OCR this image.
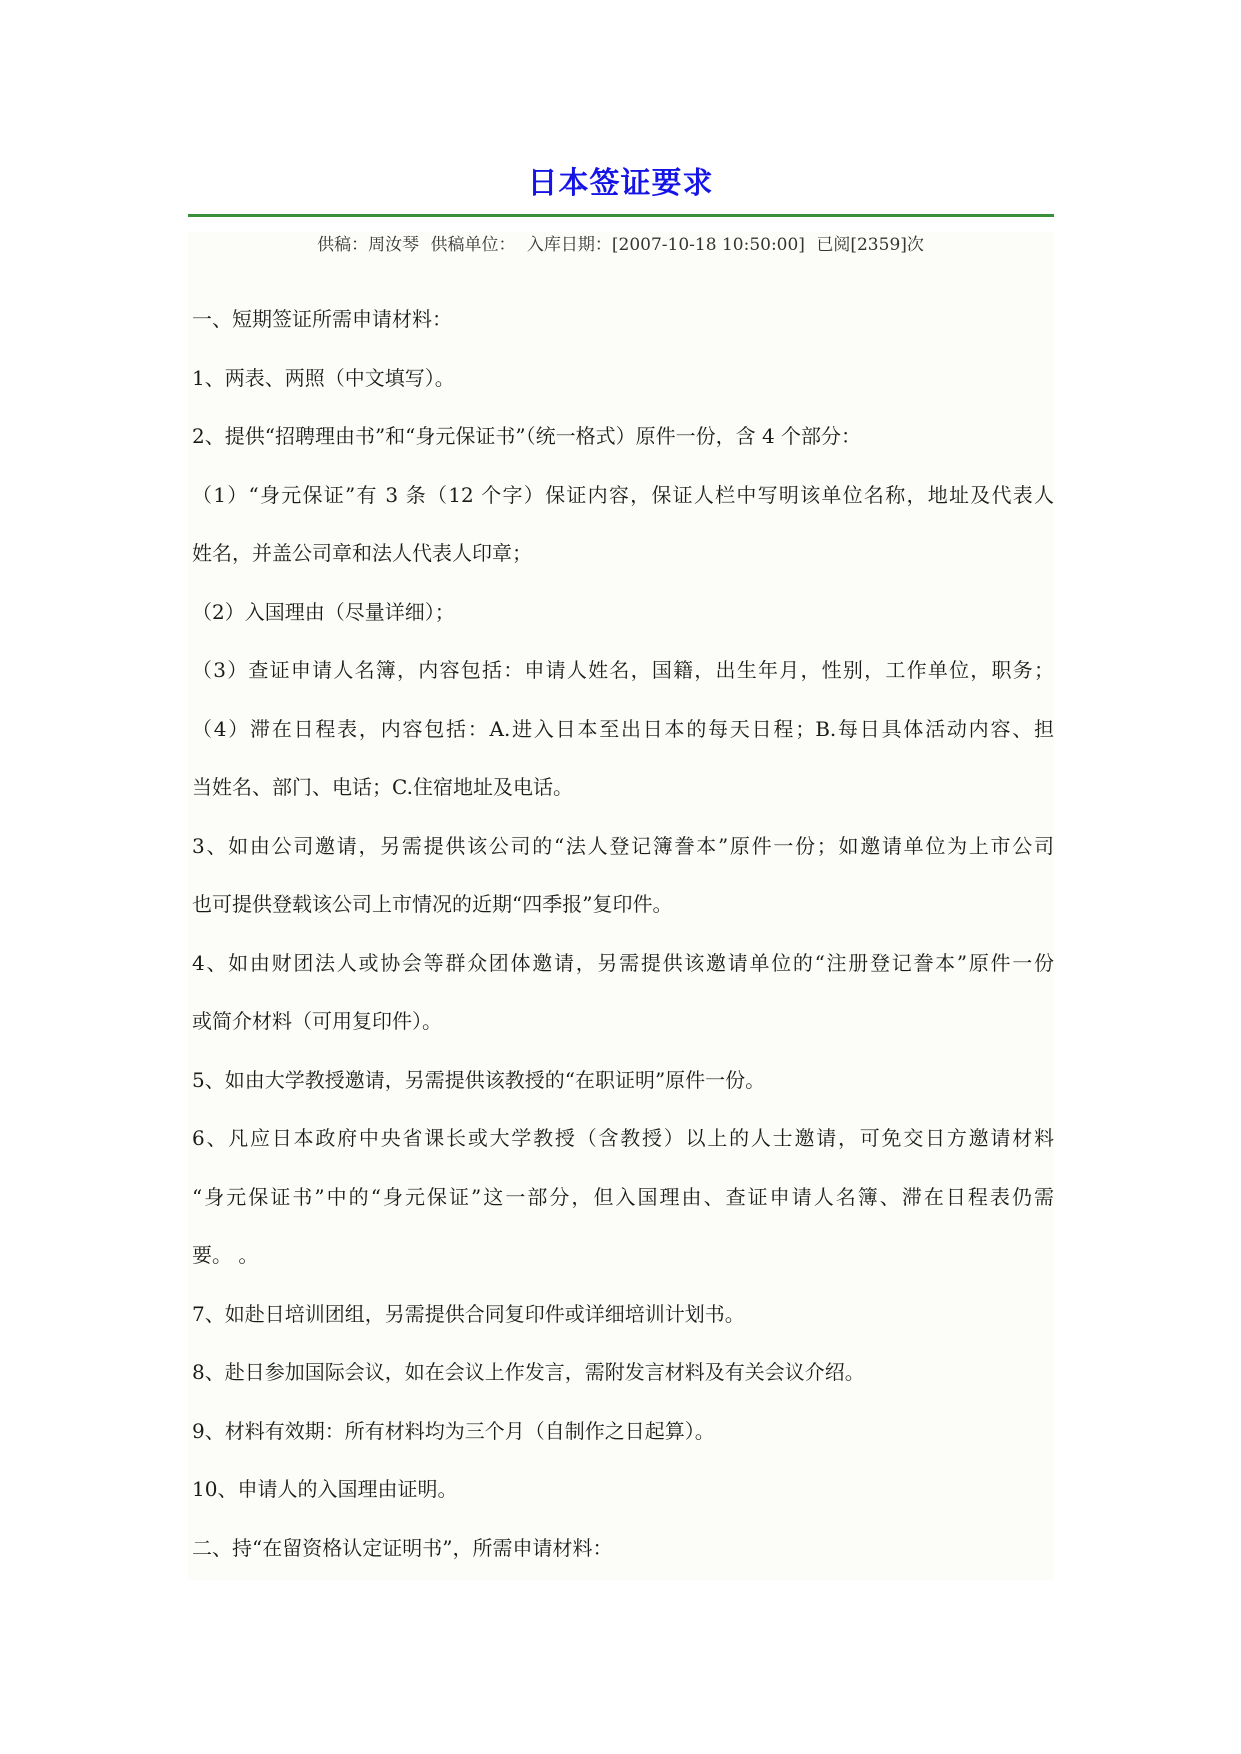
日本签证要求
供稿：周汝琴 供稿单位： 入库日期：[2007-10-18 10:50:00] 已阅[2359]次
一、短期签证所需申请材料：
1、两表、两照（中文填写）。
2、提供“招聘理由书”和“身元保证书”（统一格式）原件一份，含 4 个部分：
（1）“身元保证”有 3 条（12 个字）保证内容，保证人栏中写明该单位名称，地址及代表人
姓名，并盖公司章和法人代表人印章；
（2）入国理由（尽量详细）；
（3）查证申请人名簿，内容包括：申请人姓名，国籍，出生年月，性别，工作单位，职务；
（4）滞在日程表，内容包括：A.进入日本至出日本的每天日程；B.每日具体活动内容、担
当姓名、部门、电话；C.住宿地址及电话。
3、如由公司邀请，另需提供该公司的“法人登记簿誊本”原件一份；如邀请单位为上市公司
也可提供登载该公司上市情况的近期“四季报”复印件。
4、如由财团法人或协会等群众团体邀请，另需提供该邀请单位的“注册登记誊本”原件一份
或简介材料（可用复印件）。
5、如由大学教授邀请，另需提供该教授的“在职证明”原件一份。
6、凡应日本政府中央省课长或大学教授（含教授）以上的人士邀请，可免交日方邀请材料
“身元保证书”中的“身元保证”这一部分，但入国理由、查证申请人名簿、滞在日程表仍需
要。 。
7、如赴日培训团组，另需提供合同复印件或详细培训计划书。
8、赴日参加国际会议，如在会议上作发言，需附发言材料及有关会议介绍。
9、材料有效期：所有材料均为三个月（自制作之日起算）。
10、申请人的入国理由证明。
二、持“在留资格认定证明书”，所需申请材料：
